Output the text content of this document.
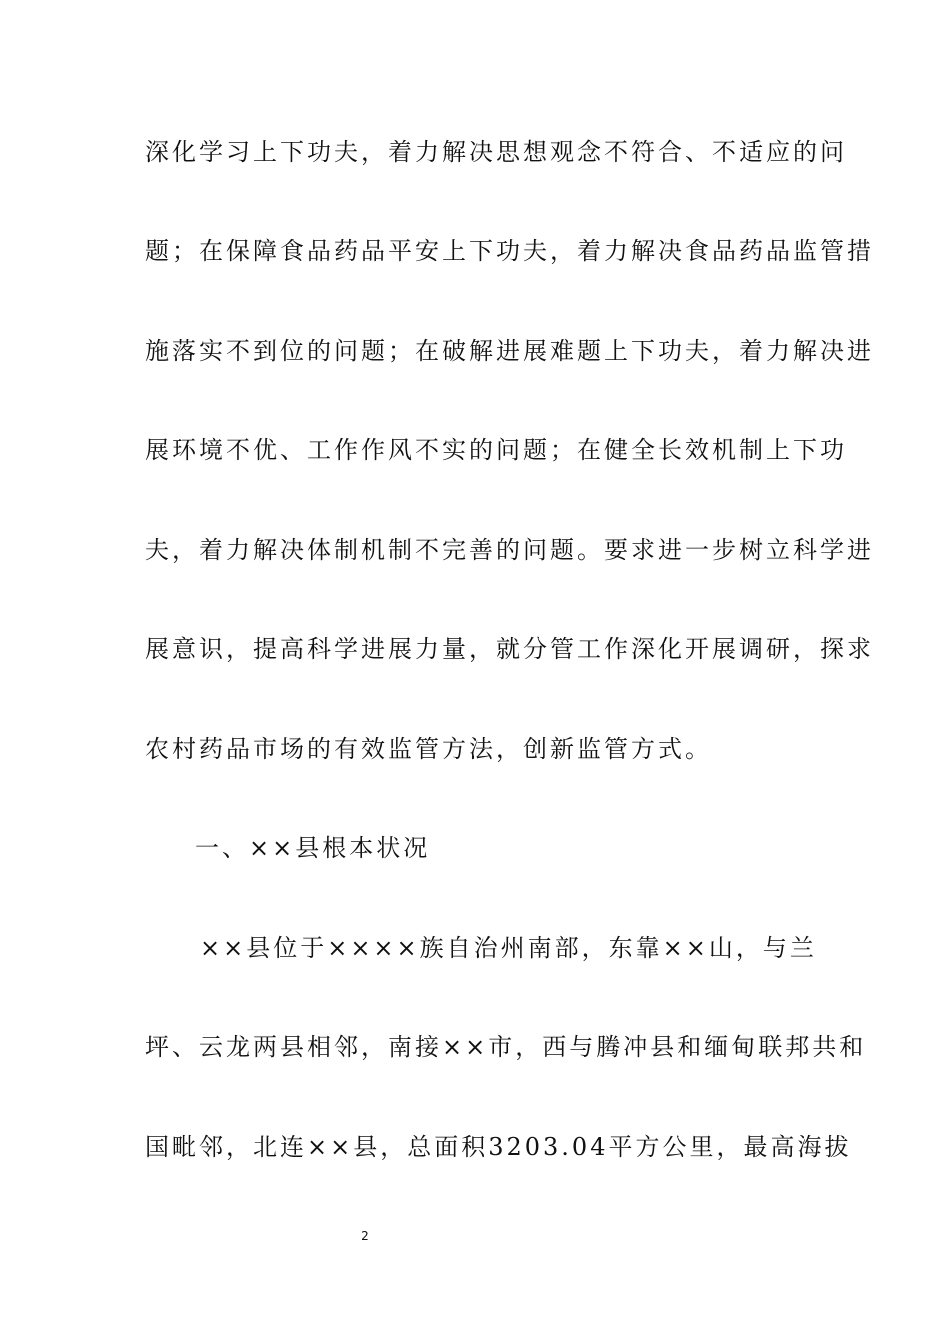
深化学习上下功夫，着力解决思想观念不符合、不适应的问
题；在保障食品药品平安上下功夫，着力解决食品药品监管措
施落实不到位的问题；在破解进展难题上下功夫，着力解决进
展环境不优、工作作风不实的问题；在健全长效机制上下功
夫，着力解决体制机制不完善的问题。要求进一步树立科学进
展意识，提高科学进展力量，就分管工作深化开展调研，探求
农村药品市场的有效监管方法，创新监管方式。
一、××县根本状况
××县位于××××族自治州南部，东靠××山，与兰
坪、云龙两县相邻，南接××市，西与腾冲县和缅甸联邦共和
国毗邻，北连××县，总面积3203.04平方公里，最高海拔
2
